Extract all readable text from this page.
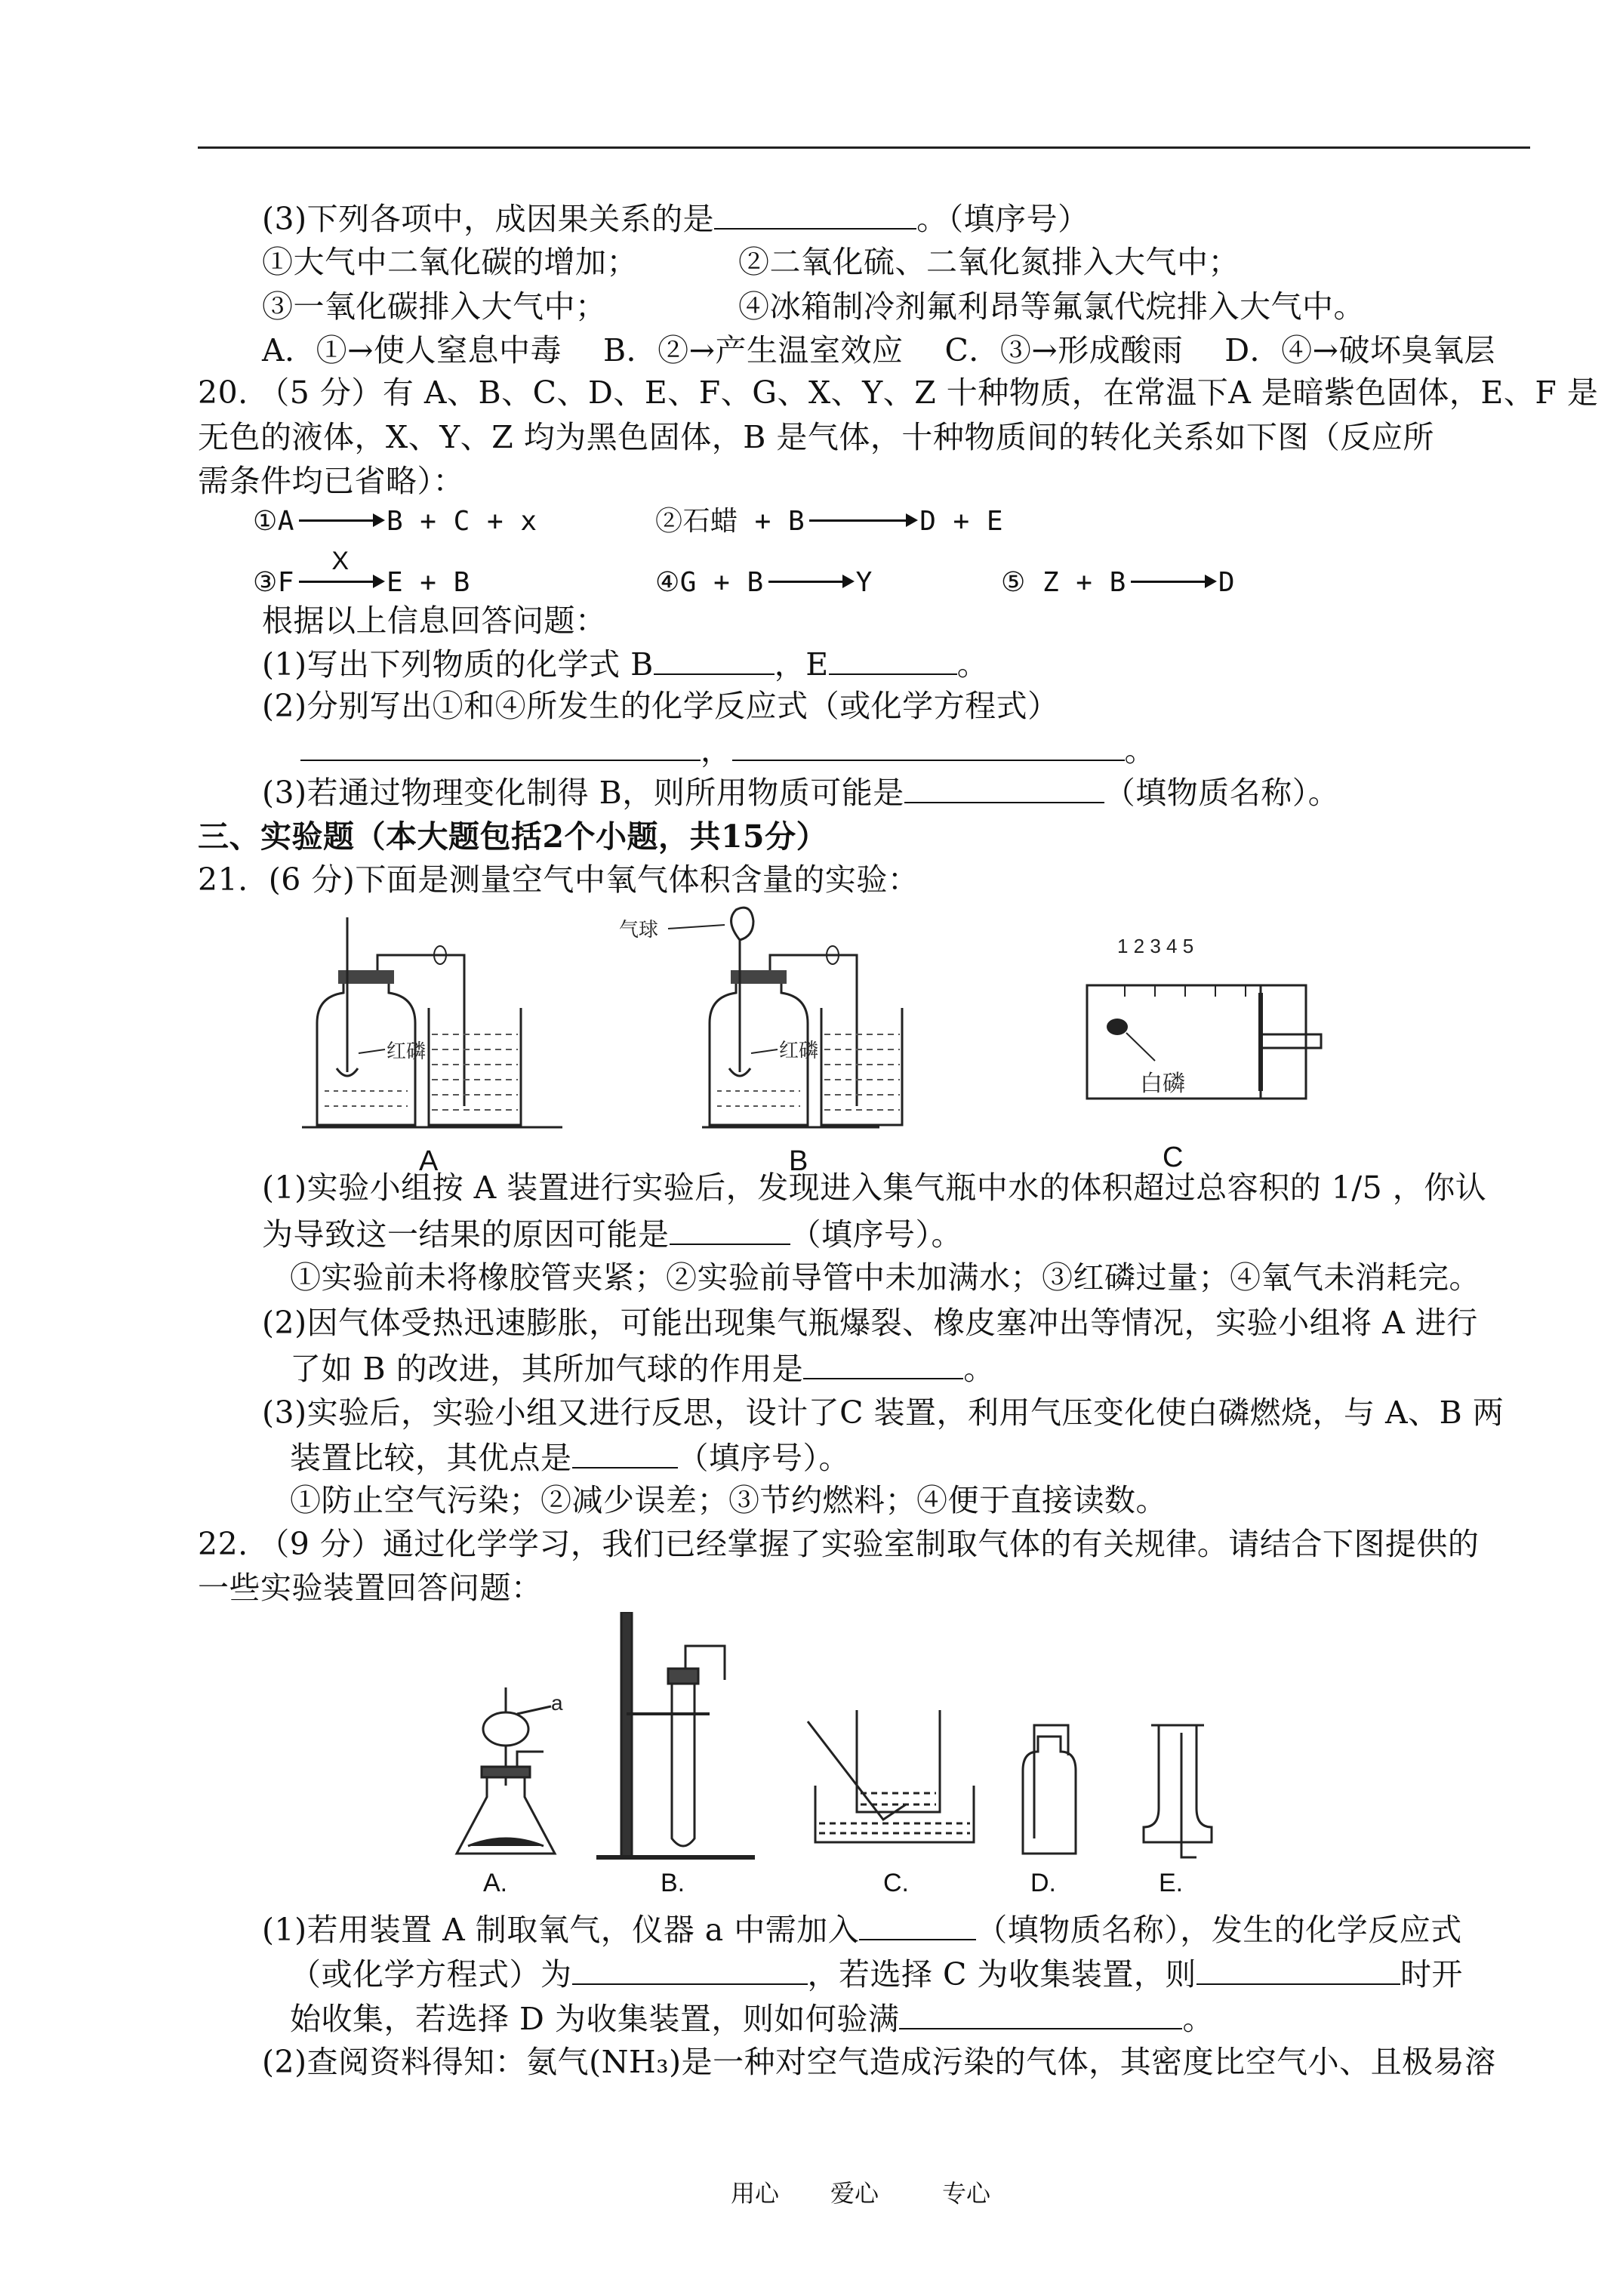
(3)下列各项中，成因果关系的是	。（填序号）
①大气中二氧化碳的增加；	②二氧化硫、二氧化氮排入大气中；
③一氧化碳排入大气中；	④冰箱制冷剂氟利昂等氟氯代烷排入大气中。
A．①→使人窒息中毒　 B．②→产生温室效应　 C．③→形成酸雨　 D．④→破坏臭氧层
20. （5 分）有 A、B、C、D、E、F、G、X、Y、Z 十种物质，在常温下A 是暗紫色固体，E、F 是
无色的液体，X、Y、Z 均为黑色固体，B 是气体，十种物质间的转化关系如下图（反应所
需条件均已省略）：
①A	B + C + x	②石蜡 + B	D + E
③F
X
E + B	④G + B	Y	⑤ Z + B	D
根据以上信息回答问题：
(1)写出下列物质的化学式 B	，E	。
(2)分别写出①和④所发生的化学反应式（或化学方程式）
，	。
(3)若通过物理变化制得 B，则所用物质可能是	（填物质名称）。
三、实验题（本大题包括2个小题，共15分）
21.  (6 分)下面是测量空气中氧气体积含量的实验：
红磷
A
气球
红磷
B
1 2 3 4 5
白磷
C
(1)实验小组按 A 装置进行实验后，发现进入集气瓶中水的体积超过总容积的 1/5 ，你认
为导致这一结果的原因可能是	（填序号）。
①实验前未将橡胶管夹紧；②实验前导管中未加满水；③红磷过量；④氧气未消耗完。
(2)因气体受热迅速膨胀，可能出现集气瓶爆裂、橡皮塞冲出等情况，实验小组将 A 进行
了如 B 的改进，其所加气球的作用是	。
(3)实验后，实验小组又进行反思，设计了C 装置，利用气压变化使白磷燃烧，与 A、B 两
装置比较，其优点是	（填序号）。
①防止空气污染；②减少误差；③节约燃料；④便于直接读数。
22. （9 分）通过化学学习，我们已经掌握了实验室制取气体的有关规律。请结合下图提供的
一些实验装置回答问题：
a
A.	B.	C.	D.	E.
(1)若用装置 A 制取氧气，仪器 a 中需加入	（填物质名称），发生的化学反应式
（或化学方程式）为	，若选择 C 为收集装置，则	时开
始收集，若选择 D 为收集装置，则如何验满	。
(2)查阅资料得知：氨气(NH₃)是一种对空气造成污染的气体，其密度比空气小、且极易溶
用心 爱心	专心
